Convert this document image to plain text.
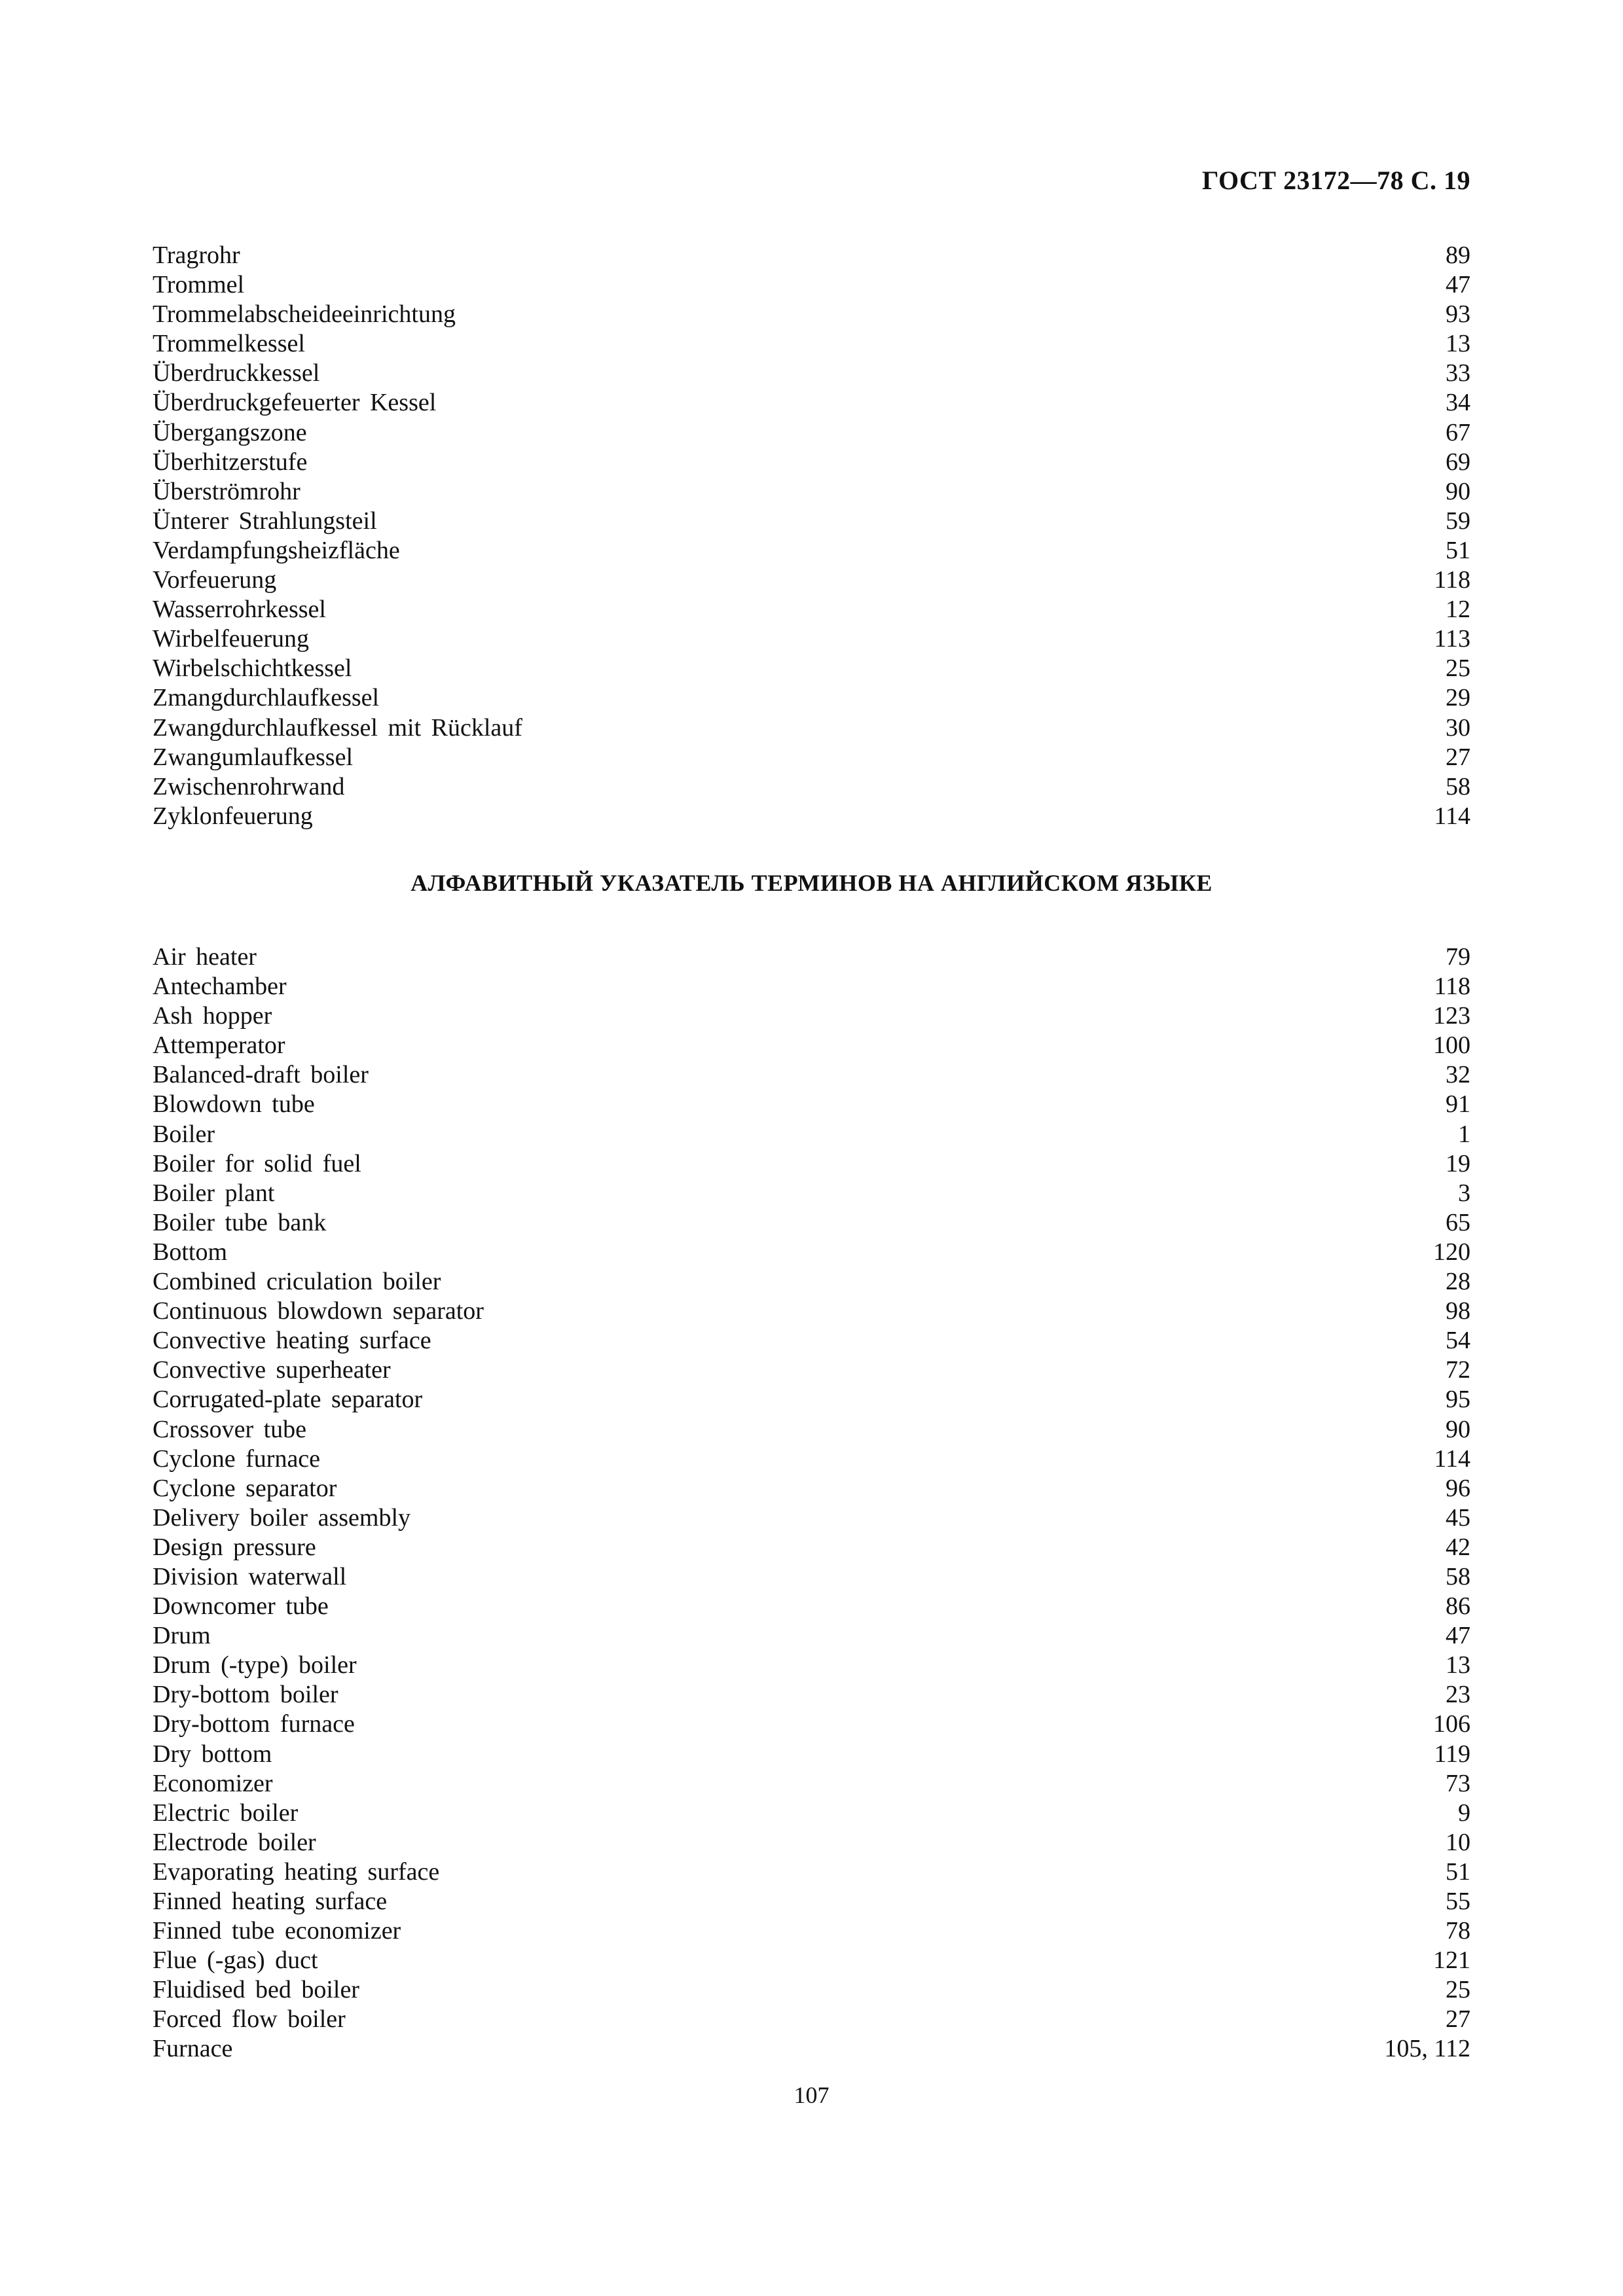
ГОСТ 23172—78 С. 19
Tragrohr	89
Trommel	47
Trommelabscheideeinrichtung	93
Trommelkessel	13
Überdruckkessel	33
Überdruckgefeuerter Kessel	34
Übergangszone	67
Überhitzerstufe	69
Überströmrohr	90
Ünterer Strahlungsteil	59
Verdampfungsheizfläche	51
Vorfeuerung	118
Wasserrohrkessel	12
Wirbelfeuerung	113
Wirbelschichtkessel	25
Zmangdurchlaufkessel	29
Zwangdurchlaufkessel mit Rücklauf	30
Zwangumlaufkessel	27
Zwischenrohrwand	58
Zyklonfeuerung	114
АЛФАВИТНЫЙ УКАЗАТЕЛЬ ТЕРМИНОВ НА АНГЛИЙСКОМ ЯЗЫКЕ
Air heater	79
Antechamber	118
Ash hopper	123
Attemperator	100
Balanced-draft boiler	32
Blowdown tube	91
Boiler	1
Boiler for solid fuel	19
Boiler plant	3
Boiler tube bank	65
Bottom	120
Combined criculation boiler	28
Continuous blowdown separator	98
Convective heating surface	54
Convective superheater	72
Corrugated-plate separator	95
Crossover tube	90
Cyclone furnace	114
Cyclone separator	96
Delivery boiler assembly	45
Design pressure	42
Division waterwall	58
Downcomer tube	86
Drum	47
Drum (-type) boiler	13
Dry-bottom boiler	23
Dry-bottom furnace	106
Dry bottom	119
Economizer	73
Electric boiler	9
Electrode boiler	10
Evaporating heating surface	51
Finned heating surface	55
Finned tube economizer	78
Flue (-gas) duct	121
Fluidised bed boiler	25
Forced flow boiler	27
Furnace	105, 112
107
